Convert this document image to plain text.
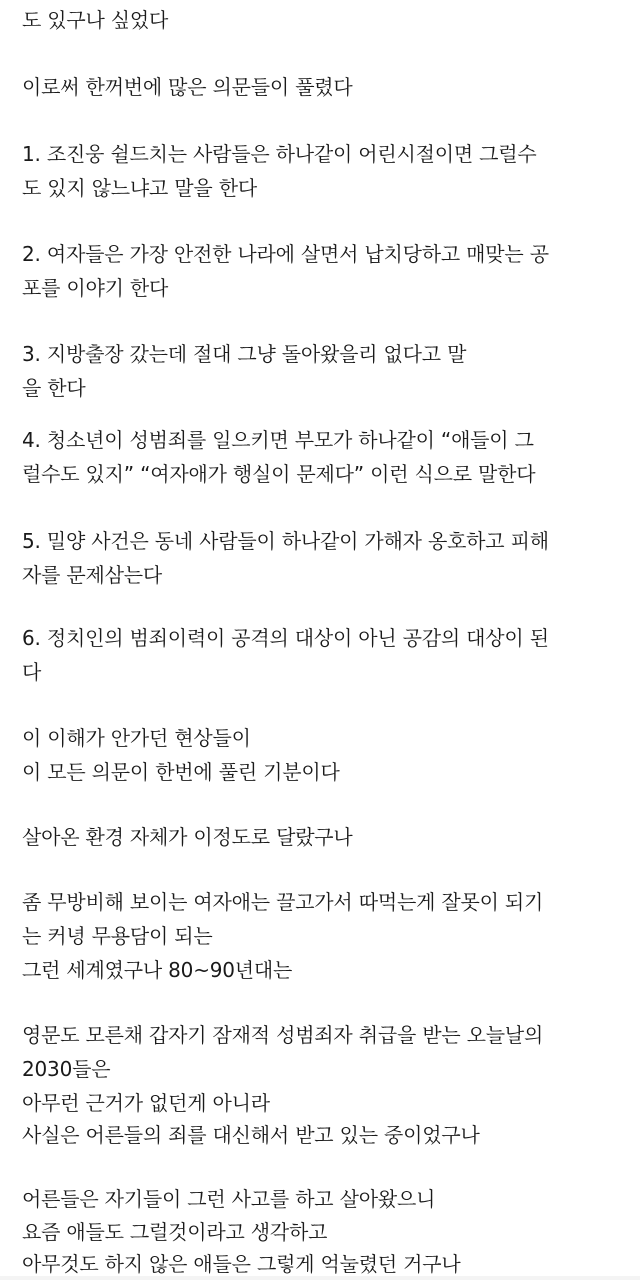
도 있구나 싶었다
이로써 한꺼번에 많은 의문들이 풀렸다
1. 조진웅 쉴드치는 사람들은 하나같이 어린시절이면 그럴수
도 있지 않느냐고 말을 한다
2. 여자들은 가장 안전한 나라에 살면서 납치당하고 매맞는 공
포를 이야기 한다
3. 지방출장 갔는데 절대 그냥 돌아왔을리 없다고 말
을 한다
4. 청소년이 성범죄를 일으키면 부모가 하나같이 “애들이 그
럴수도 있지” “여자애가 행실이 문제다” 이런 식으로 말한다
5. 밀양 사건은 동네 사람들이 하나같이 가해자 옹호하고 피해
자를 문제삼는다
6. 정치인의 범죄이력이 공격의 대상이 아닌 공감의 대상이 된
다
이 이해가 안가던 현상들이
이 모든 의문이 한번에 풀린 기분이다
살아온 환경 자체가 이정도로 달랐구나
좀 무방비해 보이는 여자애는 끌고가서 따먹는게 잘못이 되기
는 커녕 무용담이 되는
그런 세계였구나 80~90년대는
영문도 모른채 갑자기 잠재적 성범죄자 취급을 받는 오늘날의
2030들은
아무런 근거가 없던게 아니라
사실은 어른들의 죄를 대신해서 받고 있는 중이었구나
어른들은 자기들이 그런 사고를 하고 살아왔으니
요즘 애들도 그럴것이라고 생각하고
아무것도 하지 않은 애들은 그렇게 억눌렸던 거구나
